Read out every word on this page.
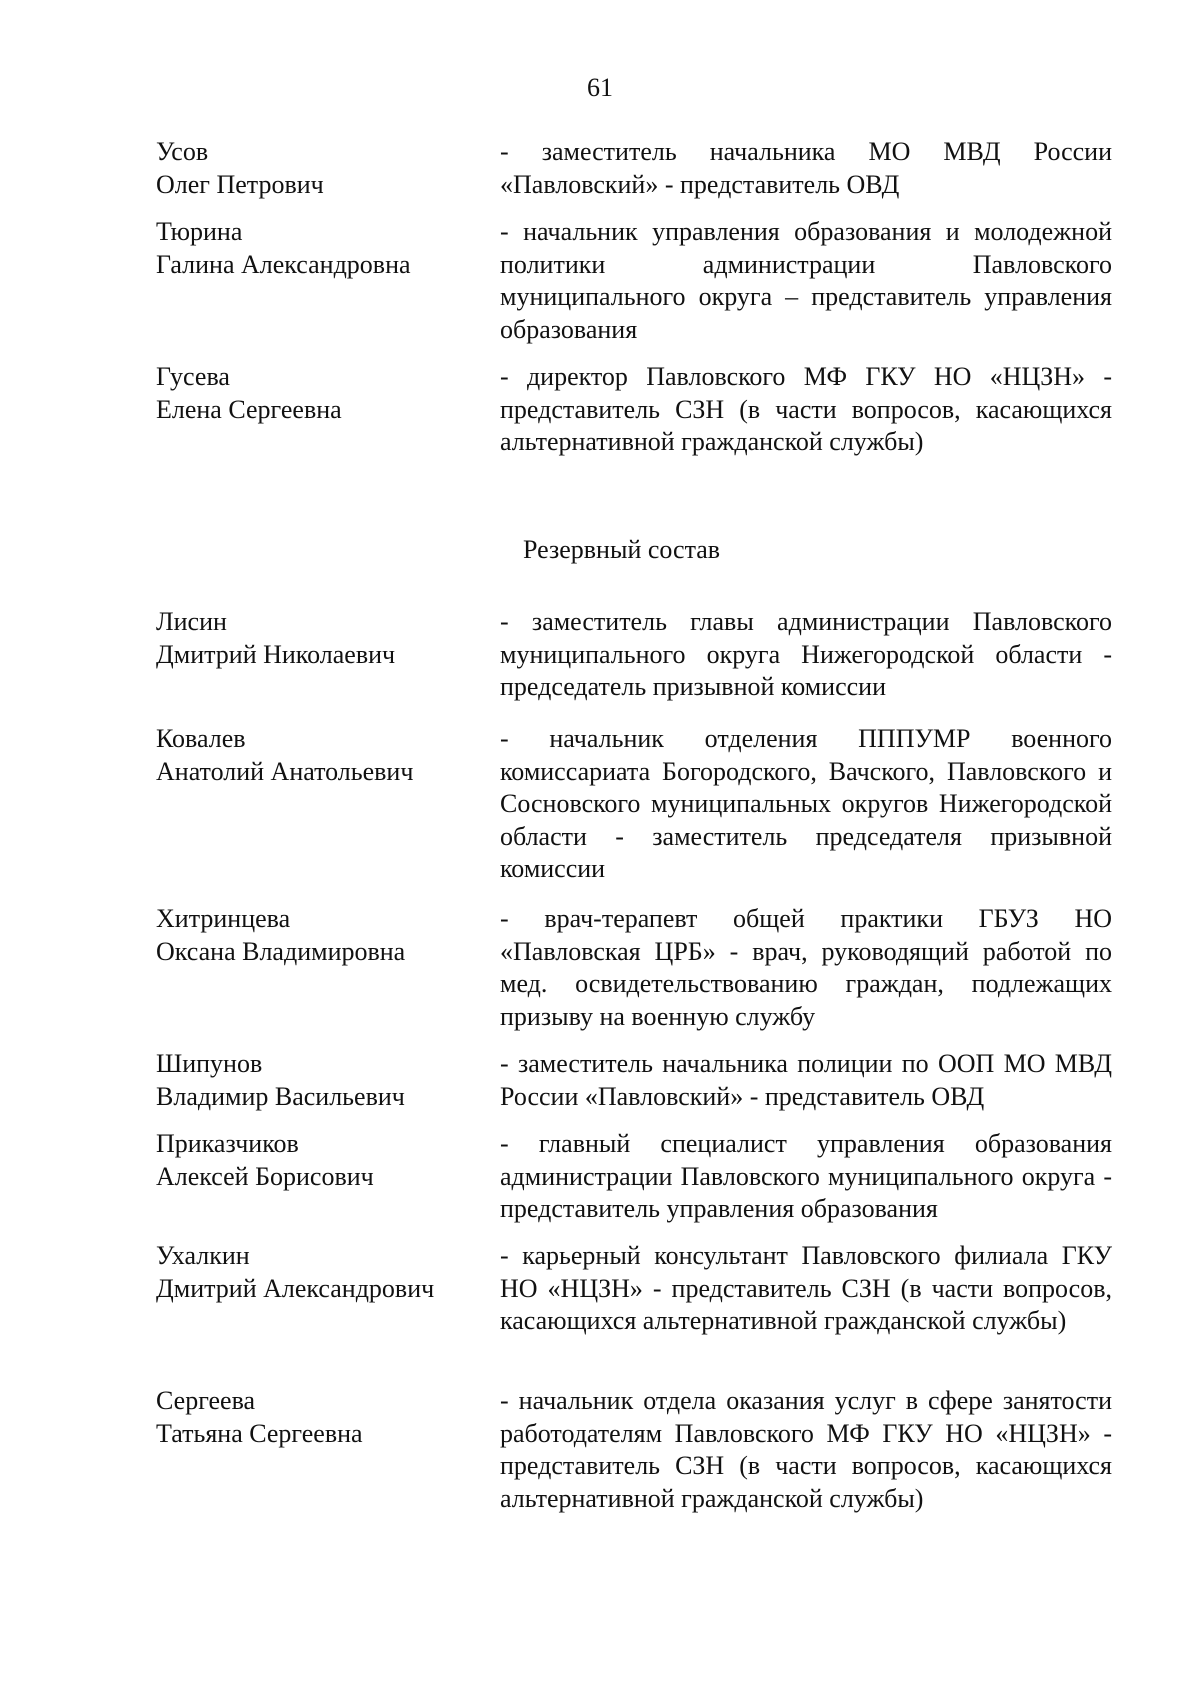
61
Усов
Олег Петрович
- заместитель начальника МО МВД России «Павловский» - представитель ОВД
Тюрина
Галина Александровна
- начальник управления образования и молодежной политики администрации Павловского муниципального округа – представитель управления образования
Гусева
Елена Сергеевна
- директор Павловского МФ ГКУ НО «НЦЗН» - представитель СЗН (в части вопросов, касающихся альтернативной гражданской службы)
Резервный состав
Лисин
Дмитрий Николаевич
- заместитель главы администрации Павловского муниципального округа Нижегородской области - председатель призывной комиссии
Ковалев
Анатолий Анатольевич
- начальник отделения ПППУМР военного комиссариата Богородского, Вачского, Павловского и Сосновского муниципальных округов Нижегородской области - заместитель председателя призывной комиссии
Хитринцева
Оксана Владимировна
- врач-терапевт общей практики ГБУЗ НО «Павловская ЦРБ» - врач, руководящий работой по мед. освидетельствованию граждан, подлежащих призыву на военную службу
Шипунов
Владимир Васильевич
- заместитель начальника полиции по ООП МО МВД России «Павловский» - представитель ОВД
Приказчиков
Алексей Борисович
- главный специалист управления образования администрации Павловского муниципального округа - представитель управления образования
Ухалкин
Дмитрий Александрович
- карьерный консультант Павловского филиала ГКУ НО «НЦЗН» - представитель СЗН (в части вопросов, касающихся альтернативной гражданской службы)
Сергеева
Татьяна Сергеевна
- начальник отдела оказания услуг в сфере занятости работодателям Павловского МФ ГКУ НО «НЦЗН» - представитель СЗН (в части вопросов, касающихся альтернативной гражданской службы)
